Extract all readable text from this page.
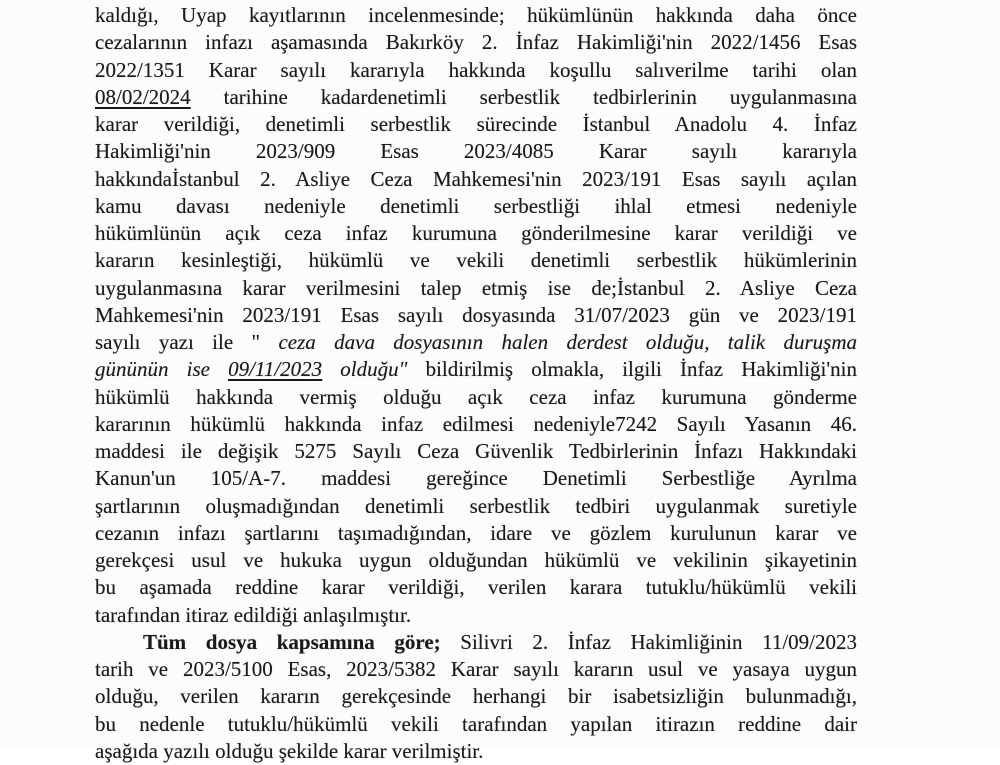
kaldığı, Uyap kayıtlarının incelenmesinde; hükümlünün hakkında daha önce
cezalarının infazı aşamasında Bakırköy 2. İnfaz Hakimliği'nin 2022/1456 Esas
2022/1351 Karar sayılı kararıyla hakkında koşullu salıverilme tarihi olan
08/02/2024 tarihine kadardenetimli serbestlik tedbirlerinin uygulanmasına
karar verildiği, denetimli serbestlik sürecinde İstanbul Anadolu 4. İnfaz
Hakimliği'nin 2023/909 Esas 2023/4085 Karar sayılı kararıyla
hakkındaİstanbul 2. Asliye Ceza Mahkemesi'nin 2023/191 Esas sayılı açılan
kamu davası nedeniyle denetimli serbestliği ihlal etmesi nedeniyle
hükümlünün açık ceza infaz kurumuna gönderilmesine karar verildiği ve
kararın kesinleştiği, hükümlü ve vekili denetimli serbestlik hükümlerinin
uygulanmasına karar verilmesini talep etmiş ise de;İstanbul 2. Asliye Ceza
Mahkemesi'nin 2023/191 Esas sayılı dosyasında 31/07/2023 gün ve 2023/191
sayılı yazı ile " ceza dava dosyasının halen derdest olduğu, talik duruşma
gününün ise 09/11/2023 olduğu" bildirilmiş olmakla, ilgili İnfaz Hakimliği'nin
hükümlü hakkında vermiş olduğu açık ceza infaz kurumuna gönderme
kararının hükümlü hakkında infaz edilmesi nedeniyle7242 Sayılı Yasanın 46.
maddesi ile değişik 5275 Sayılı Ceza Güvenlik Tedbirlerinin İnfazı Hakkındaki
Kanun'un 105/A-7. maddesi gereğince Denetimli Serbestliğe Ayrılma
şartlarının oluşmadığından denetimli serbestlik tedbiri uygulanmak suretiyle
cezanın infazı şartlarını taşımadığından, idare ve gözlem kurulunun karar ve
gerekçesi usul ve hukuka uygun olduğundan hükümlü ve vekilinin şikayetinin
bu aşamada reddine karar verildiği, verilen karara tutuklu/hükümlü vekili
tarafından itiraz edildiği anlaşılmıştır.
Tüm dosya kapsamına göre; Silivri 2. İnfaz Hakimliğinin 11/09/2023
tarih ve 2023/5100 Esas, 2023/5382 Karar sayılı kararın usul ve yasaya uygun
olduğu, verilen kararın gerekçesinde herhangi bir isabetsizliğin bulunmadığı,
bu nedenle tutuklu/hükümlü vekili tarafından yapılan itirazın reddine dair
aşağıda yazılı olduğu şekilde karar verilmiştir.
